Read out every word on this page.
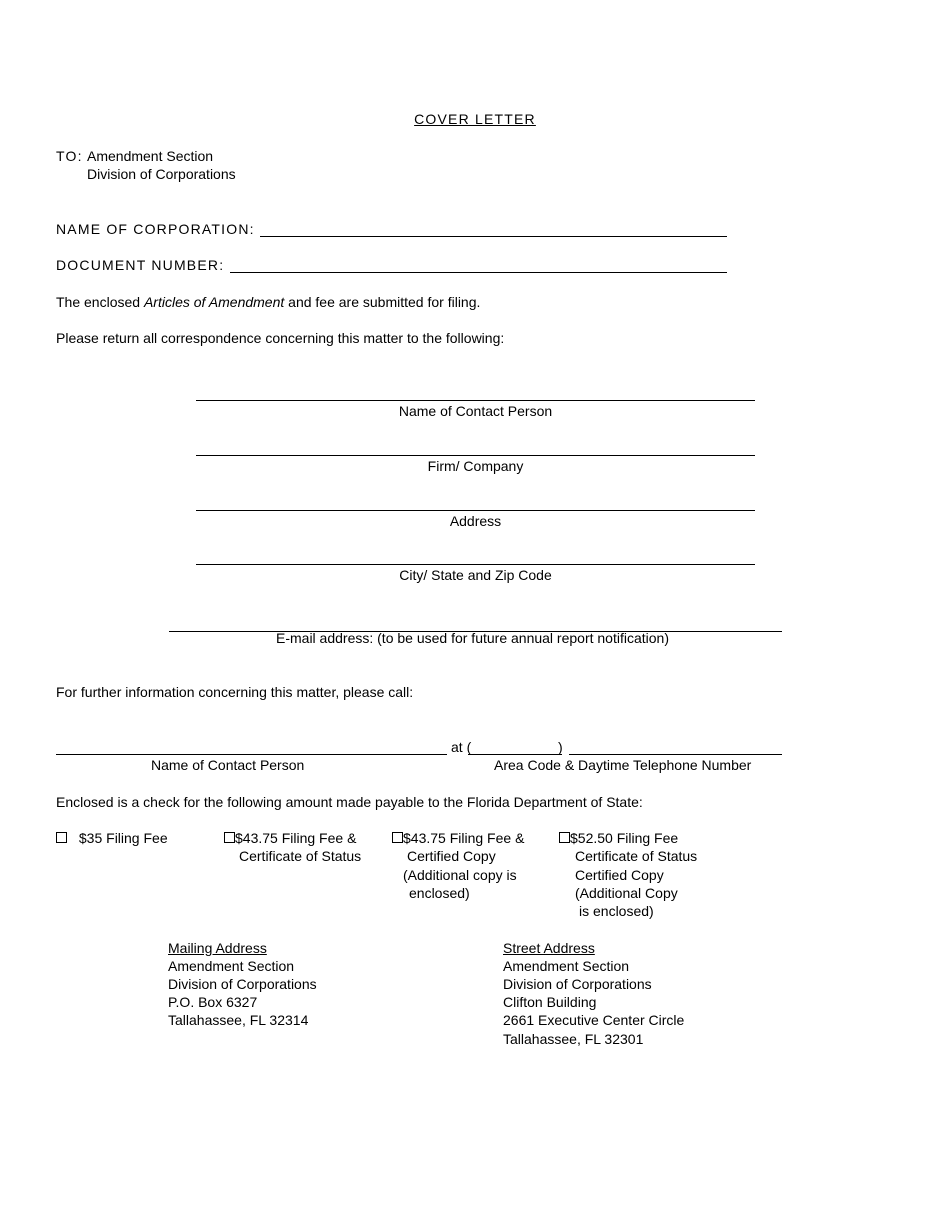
COVER LETTER
TO: Amendment Section
Division of Corporations
NAME OF CORPORATION:
DOCUMENT NUMBER:
The enclosed Articles of Amendment and fee are submitted for filing.
Please return all correspondence concerning this matter to the following:
Name of Contact Person
Firm/ Company
Address
City/ State and Zip Code
E-mail address: (to be used for future annual report notification)
For further information concerning this matter, please call:
at (	)
Name of Contact Person	Area Code & Daytime Telephone Number
Enclosed is a check for the following amount made payable to the Florida Department of State:
$35 Filing Fee	$43.75 Filing Fee &
Certificate of Status
$43.75 Filing Fee &
Certified Copy
(Additional copy is
enclosed)
$52.50 Filing Fee
Certificate of Status
Certified Copy
(Additional Copy
is enclosed)
Mailing Address
Amendment Section
Division of Corporations
P.O. Box 6327
Tallahassee, FL 32314
Street Address
Amendment Section
Division of Corporations
Clifton Building
2661 Executive Center Circle
Tallahassee, FL 32301
